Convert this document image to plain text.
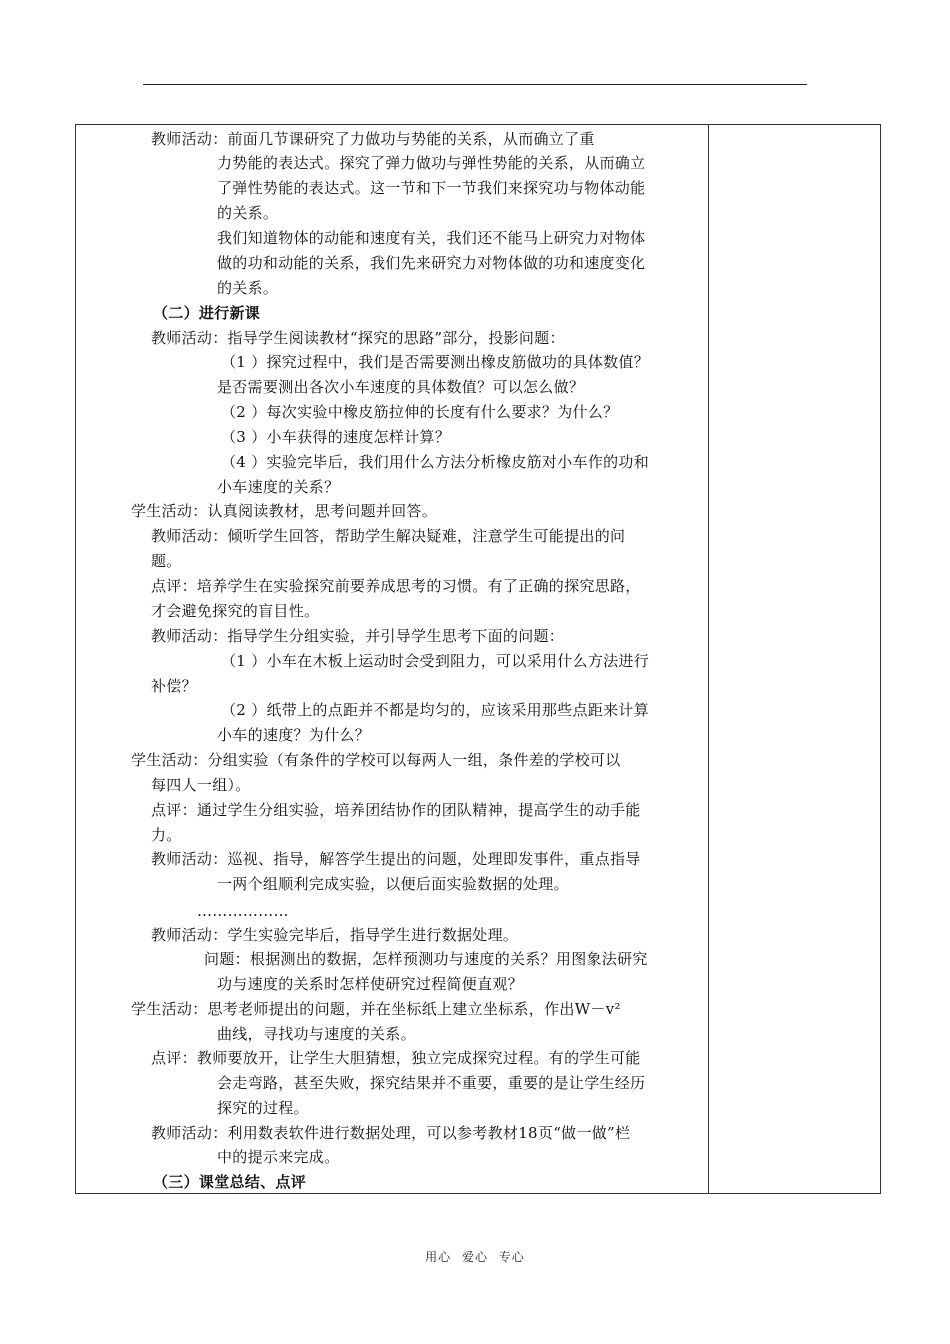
教师活动：前面几节课研究了力做功与势能的关系，从而确立了重
力势能的表达式。探究了弹力做功与弹性势能的关系，从而确立
了弹性势能的表达式。这一节和下一节我们来探究功与物体动能
的关系。
我们知道物体的动能和速度有关，我们还不能马上研究力对物体
做的功和动能的关系，我们先来研究力对物体做的功和速度变化
的关系。
（二）进行新课
教师活动：指导学生阅读教材“探究的思路”部分，投影问题：
（1 ）探究过程中，我们是否需要测出橡皮筋做功的具体数值？
是否需要测出各次小车速度的具体数值？可以怎么做？
（2 ）每次实验中橡皮筋拉伸的长度有什么要求？为什么？
（3 ）小车获得的速度怎样计算？
（4 ）实验完毕后，我们用什么方法分析橡皮筋对小车作的功和
小车速度的关系？
学生活动：认真阅读教材，思考问题并回答。
教师活动：倾听学生回答，帮助学生解决疑难，注意学生可能提出的问
题。
点评：培养学生在实验探究前要养成思考的习惯。有了正确的探究思路，
才会避免探究的盲目性。
教师活动：指导学生分组实验，并引导学生思考下面的问题：
（1 ）小车在木板上运动时会受到阻力，可以采用什么方法进行
补偿？
（2 ）纸带上的点距并不都是均匀的，应该采用那些点距来计算
小车的速度？为什么？
学生活动：分组实验（有条件的学校可以每两人一组，条件差的学校可以
每四人一组）。
点评：通过学生分组实验，培养团结协作的团队精神，提高学生的动手能
力。
教师活动：巡视、指导，解答学生提出的问题，处理即发事件，重点指导
一两个组顺利完成实验，以便后面实验数据的处理。
………………
教师活动：学生实验完毕后，指导学生进行数据处理。
问题：根据测出的数据，怎样预测功与速度的关系？用图象法研究
功与速度的关系时怎样使研究过程简便直观？
学生活动：思考老师提出的问题，并在坐标纸上建立坐标系，作出W－v²
曲线，寻找功与速度的关系。
点评：教师要放开，让学生大胆猜想，独立完成探究过程。有的学生可能
会走弯路，甚至失败，探究结果并不重要，重要的是让学生经历
探究的过程。
教师活动：利用数表软件进行数据处理，可以参考教材18页“做一做”栏
中的提示来完成。
（三）课堂总结、点评
用心 爱心 专心
